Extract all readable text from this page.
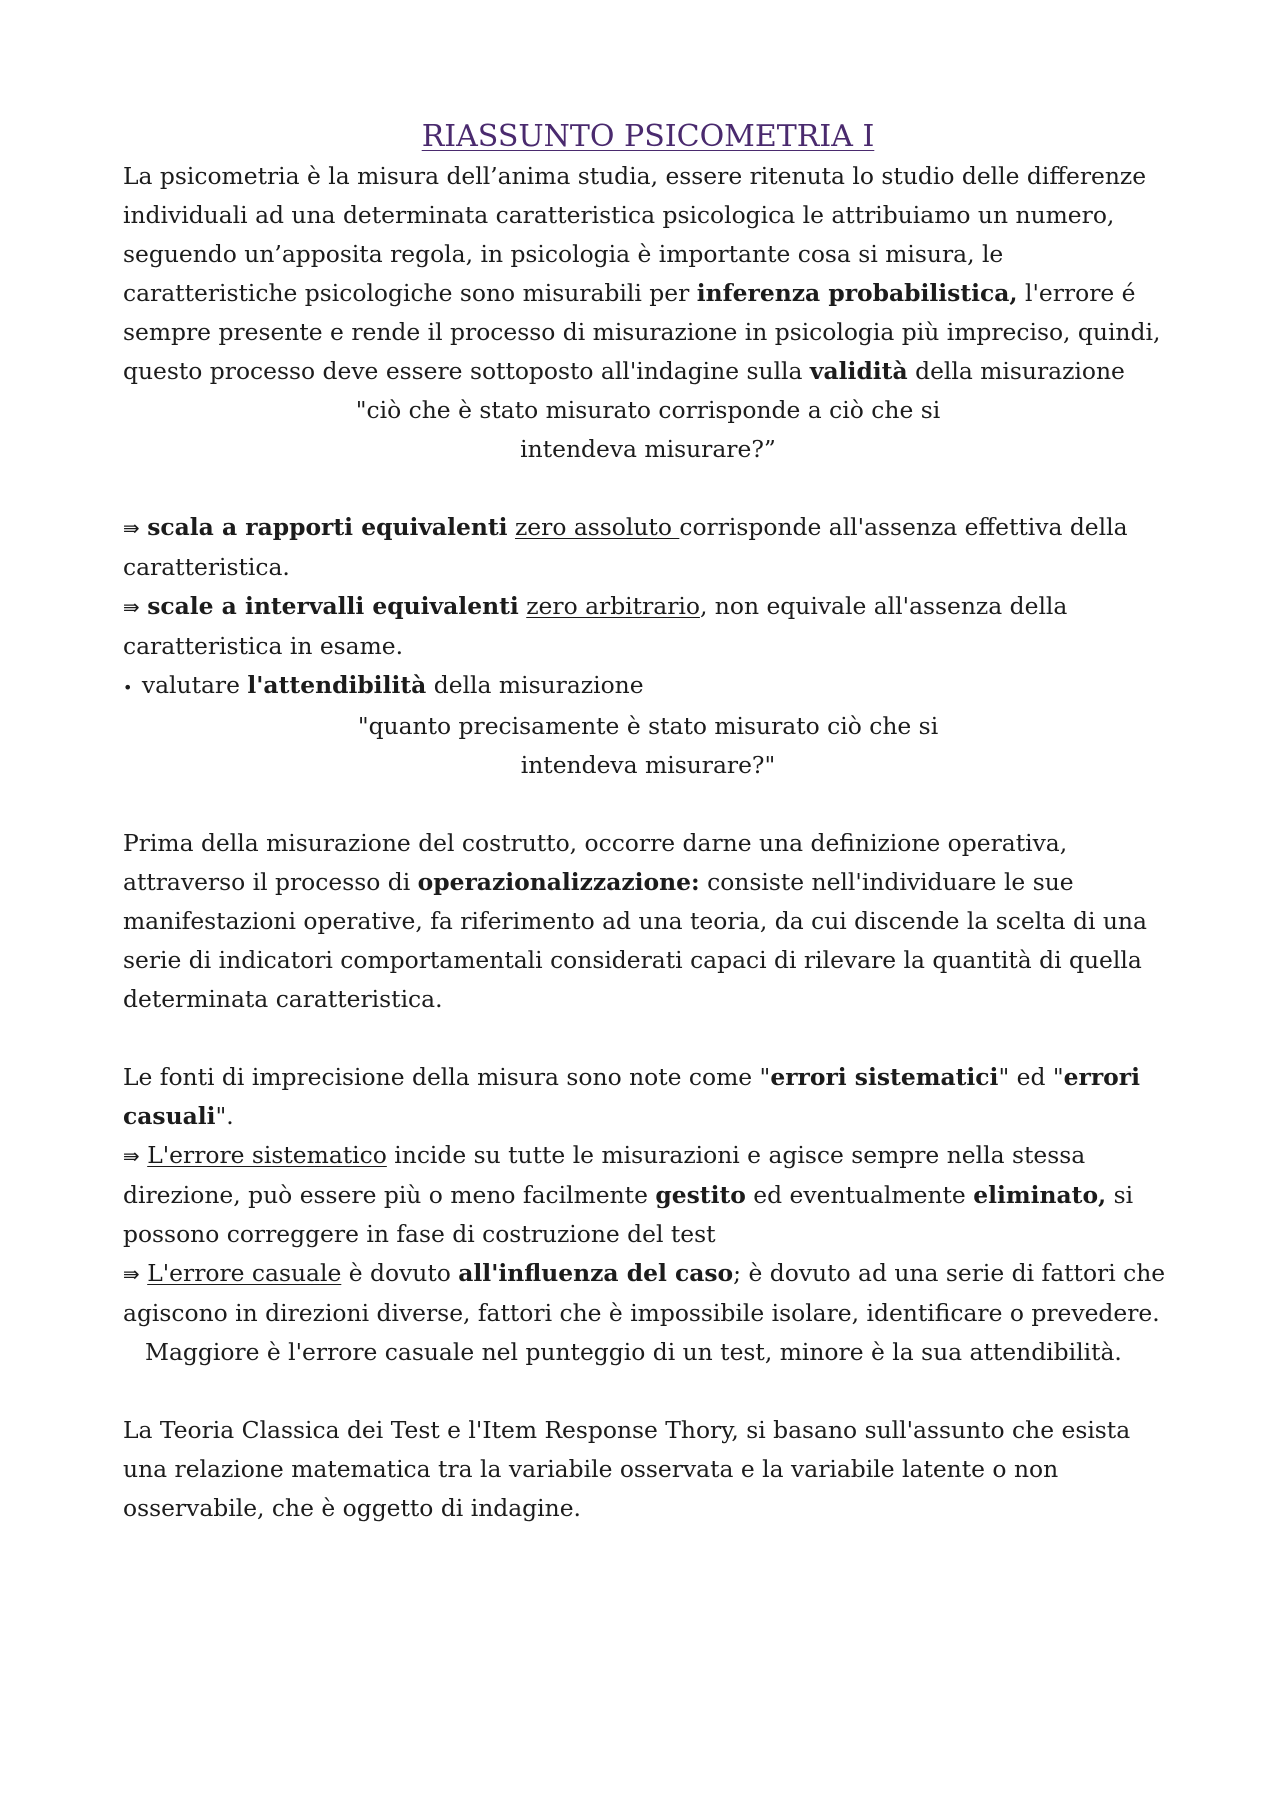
RIASSUNTO PSICOMETRIA I

La psicometria è la misura dell’anima studia, essere ritenuta lo studio delle differenze individuali ad una determinata caratteristica psicologica le attribuiamo un numero, seguendo un’apposita regola, in psicologia è importante cosa si misura, le caratteristiche psicologiche sono misurabili per inferenza probabilistica, l'errore é sempre presente e rende il processo di misurazione in psicologia più impreciso, quindi, questo processo deve essere sottoposto all'indagine sulla validità della misurazione

"ciò che è stato misurato corrisponde a ciò che si
intendeva misurare?”

⇛ scala a rapporti equivalenti zero assoluto corrisponde all'assenza effettiva della caratteristica.

⇛ scale a intervalli equivalenti zero arbitrario, non equivale all'assenza della caratteristica in esame.

• valutare l'attendibilità della misurazione

"quanto precisamente è stato misurato ciò che si
intendeva misurare?"

Prima della misurazione del costrutto, occorre darne una definizione operativa, attraverso il processo di operazionalizzazione: consiste nell'individuare le sue manifestazioni operative, fa riferimento ad una teoria, da cui discende la scelta di una serie di indicatori comportamentali considerati capaci di rilevare la quantità di quella determinata caratteristica.

Le fonti di imprecisione della misura sono note come "errori sistematici" ed "errori casuali".

⇛ L'errore sistematico incide su tutte le misurazioni e agisce sempre nella stessa direzione, può essere più o meno facilmente gestito ed eventualmente eliminato, si possono correggere in fase di costruzione del test

⇛ L'errore casuale è dovuto all'influenza del caso; è dovuto ad una serie di fattori che agiscono in direzioni diverse, fattori che è impossibile isolare, identificare o prevedere.

Maggiore è l'errore casuale nel punteggio di un test, minore è la sua attendibilità.

La Teoria Classica dei Test e l'Item Response Thory, si basano sull'assunto che esista una relazione matematica tra la variabile osservata e la variabile latente o non osservabile, che è oggetto di indagine.
